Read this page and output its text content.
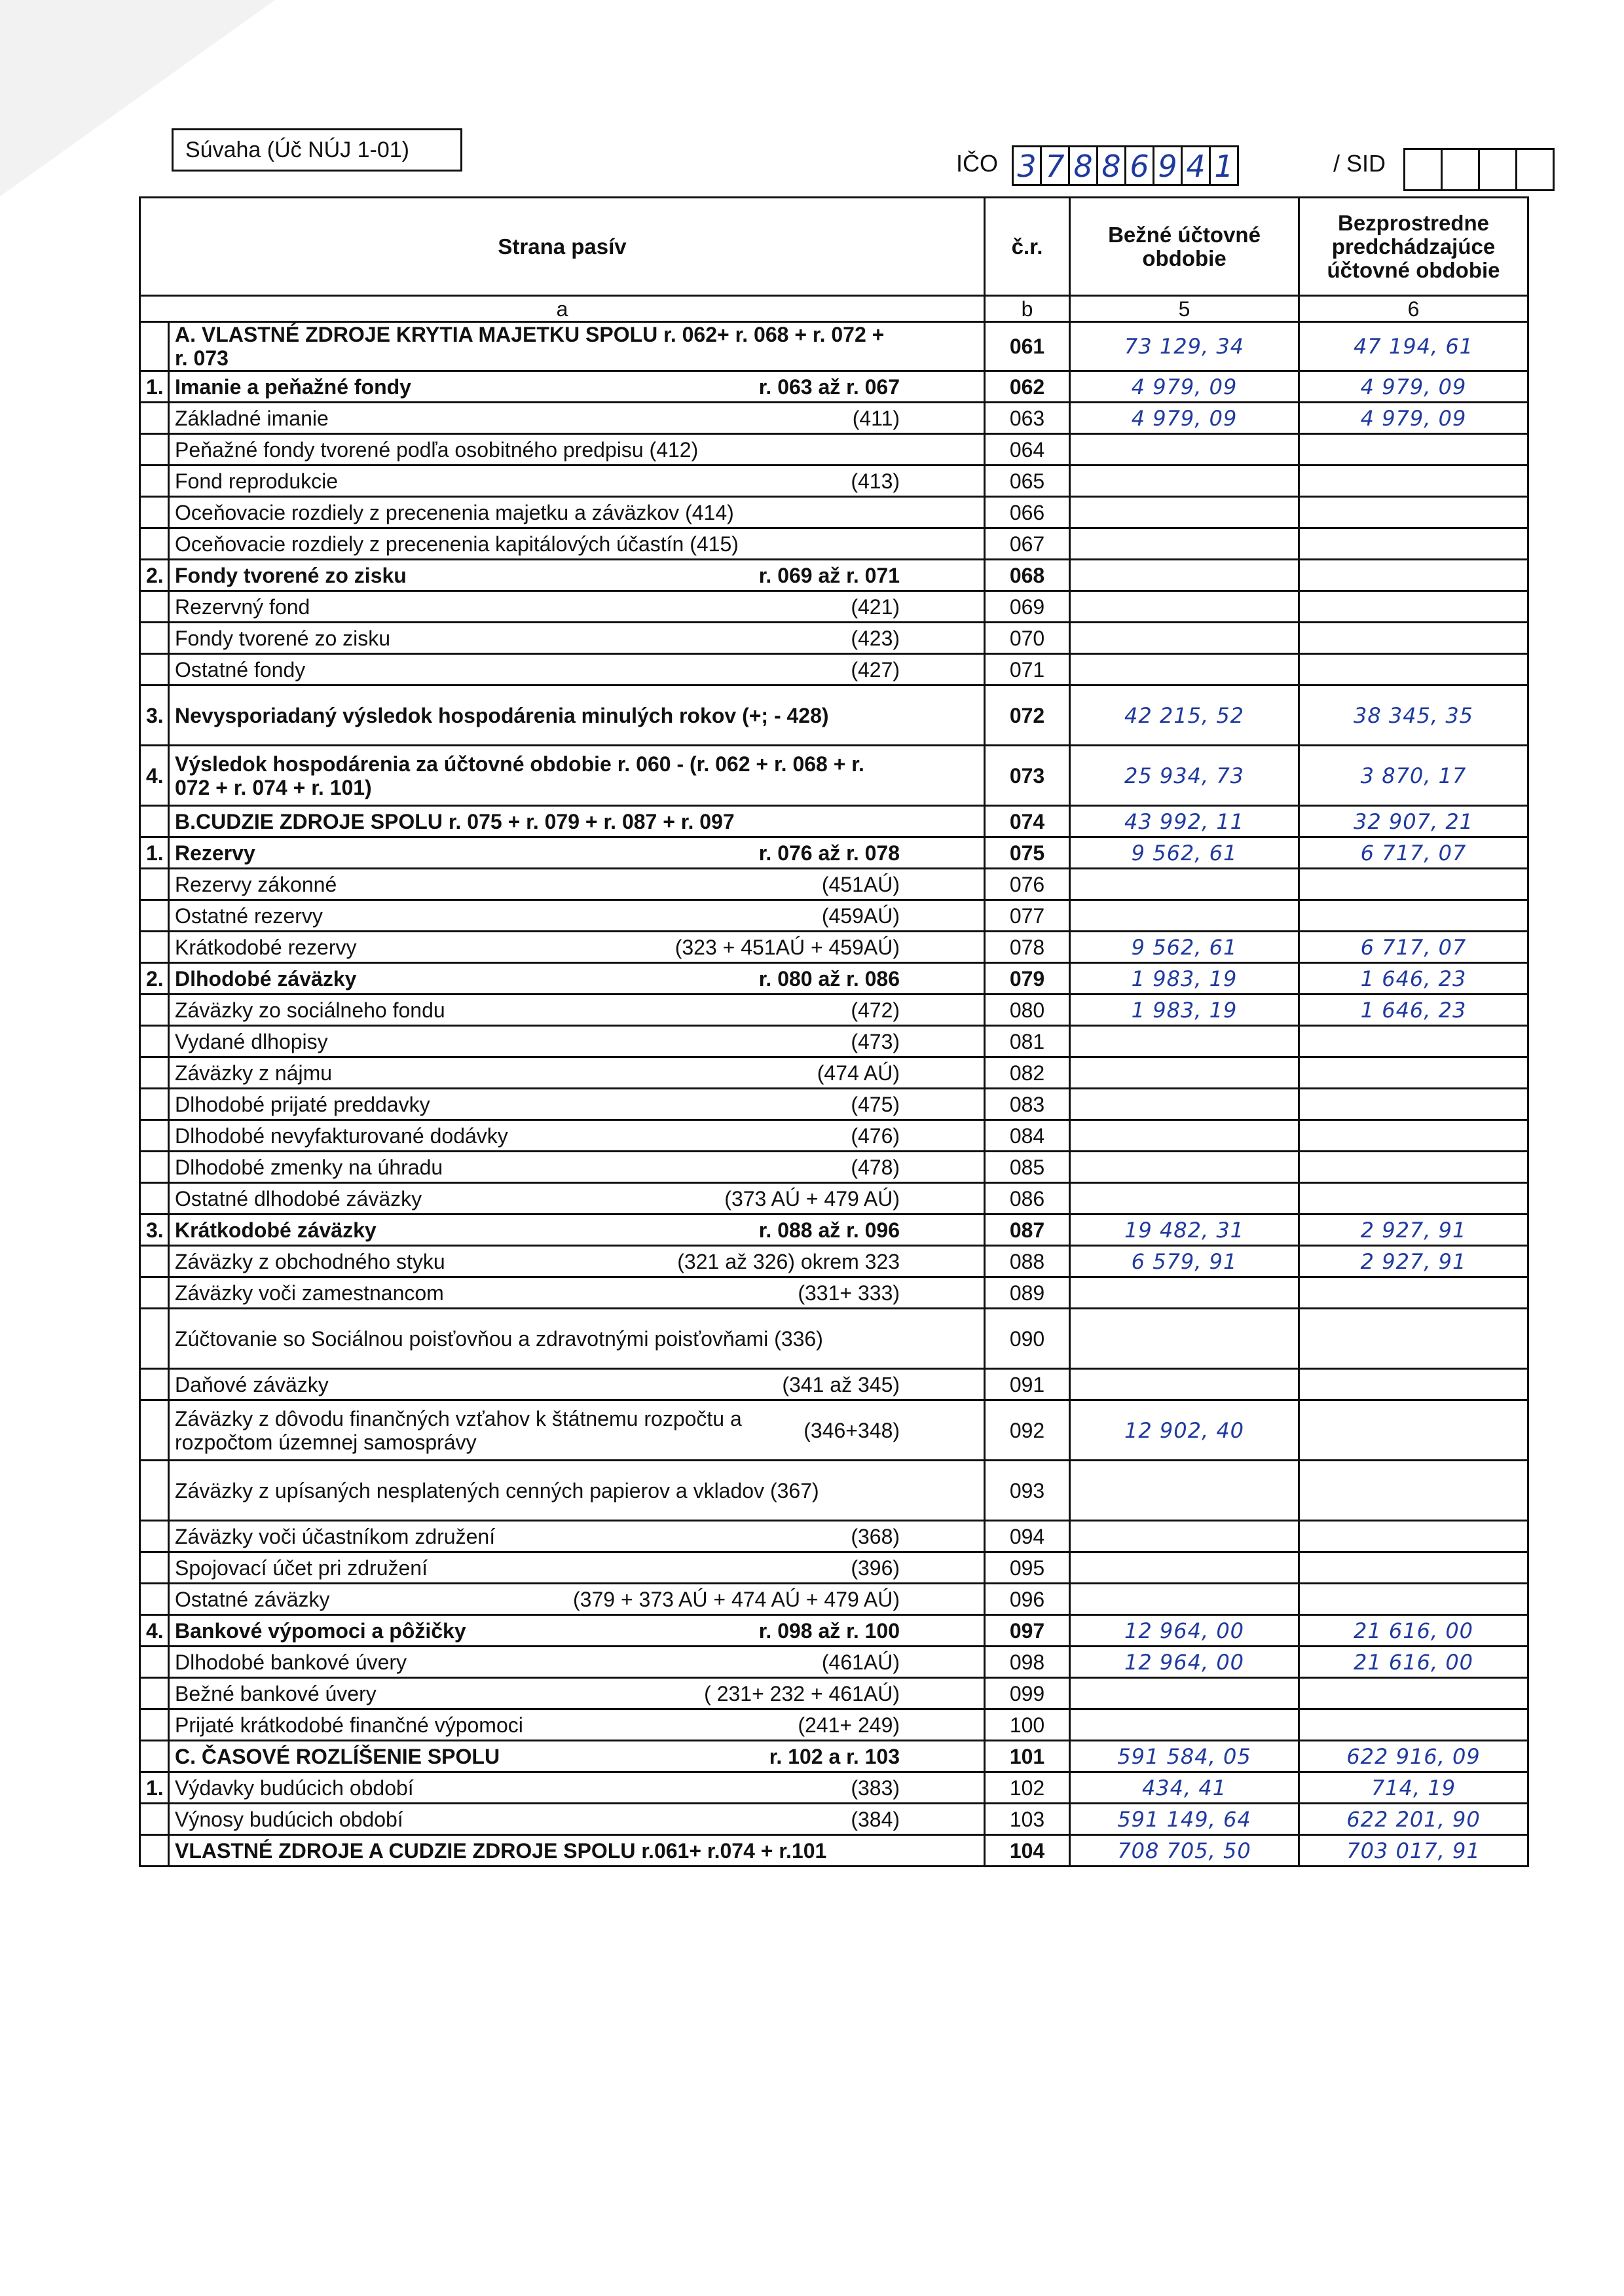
Súvaha (Úč NÚJ 1-01)	IČO 3 7 8 8 6 9 4 1	/ SID
Strana pasív		č.r.	Bežné účtovné obdobie	Bezprostredne predchádzajúce účtovné obdobie
a		b	5	6

	A. VLASTNÉ ZDROJE KRYTIA MAJETKU SPOLU r. 062+ r. 068 + r. 072 + r. 073	061	73 129, 34	47 194, 61
1.	Imanie a peňažné fondy r. 063 až r. 067	062	4 979, 09	4 979, 09

	Základné imanie (411)	063	4 979, 09	4 979, 09

	Peňažné fondy tvorené podľa osobitného predpisu (412)	064		

	Fond reprodukcie (413)	065		

	Oceňovacie rozdiely z precenenia majetku a záväzkov (414)	066		

	Oceňovacie rozdiely z precenenia kapitálových účastín (415)	067		
2.	Fondy tvorené zo zisku r. 069 až r. 071	068		

	Rezervný fond (421)	069		

	Fondy tvorené zo zisku (423)	070		

	Ostatné fondy (427)	071		
3.	Nevysporiadaný výsledok hospodárenia minulých rokov (+; - 428)	072	42 215, 52	38 345, 35
4.	Výsledok hospodárenia za účtovné obdobie r. 060 - (r. 062 + r. 068 + r. 072 + r. 074 + r. 101)	073	25 934, 73	3 870, 17

	B.CUDZIE ZDROJE SPOLU r. 075 + r. 079 + r. 087 + r. 097	074	43 992, 11	32 907, 21
1.	Rezervy r. 076 až r. 078	075	9 562, 61	6 717, 07

	Rezervy zákonné (451AÚ)	076		

	Ostatné rezervy (459AÚ)	077		

	Krátkodobé rezervy (323 + 451AÚ + 459AÚ)	078	9 562, 61	6 717, 07
2.	Dlhodobé záväzky r. 080 až r. 086	079	1 983, 19	1 646, 23

	Záväzky zo sociálneho fondu (472)	080	1 983, 19	1 646, 23

	Vydané dlhopisy (473)	081		

	Záväzky z nájmu (474 AÚ)	082		

	Dlhodobé prijaté preddavky (475)	083		

	Dlhodobé nevyfakturované dodávky (476)	084		

	Dlhodobé zmenky na úhradu (478)	085		

	Ostatné dlhodobé záväzky (373 AÚ + 479 AÚ)	086		
3.	Krátkodobé záväzky r. 088 až r. 096	087	19 482, 31	2 927, 91

	Záväzky z obchodného styku (321 až 326) okrem 323	088	6 579, 91	2 927, 91

	Záväzky voči zamestnancom (331+ 333)	089		

	Zúčtovanie so Sociálnou poisťovňou a zdravotnými poisťovňami (336)	090		

	Daňové záväzky (341 až 345)	091		

	Záväzky z dôvodu finančných vzťahov k štátnemu rozpočtu a rozpočtom územnej samosprávy (346+348)	092	12 902, 40	

	Záväzky z upísaných nesplatených cenných papierov a vkladov (367)	093		

	Záväzky voči účastníkom združení (368)	094		

	Spojovací účet pri združení (396)	095		

	Ostatné záväzky (379 + 373 AÚ + 474 AÚ + 479 AÚ)	096		
4.	Bankové výpomoci a pôžičky r. 098 až r. 100	097	12 964, 00	21 616, 00

	Dlhodobé bankové úvery (461AÚ)	098	12 964, 00	21 616, 00

	Bežné bankové úvery ( 231+ 232 + 461AÚ)	099		

	Prijaté krátkodobé finančné výpomoci (241+ 249)	100		

	C. ČASOVÉ ROZLÍŠENIE SPOLU r. 102 a r. 103	101	591 584, 05	622 916, 09
1.	Výdavky budúcich období (383)	102	434, 41	714, 19

	Výnosy budúcich období (384)	103	591 149, 64	622 201, 90

	VLASTNÉ ZDROJE A CUDZIE ZDROJE SPOLU r.061+ r.074 + r.101	104	708 705, 50	703 017, 91
